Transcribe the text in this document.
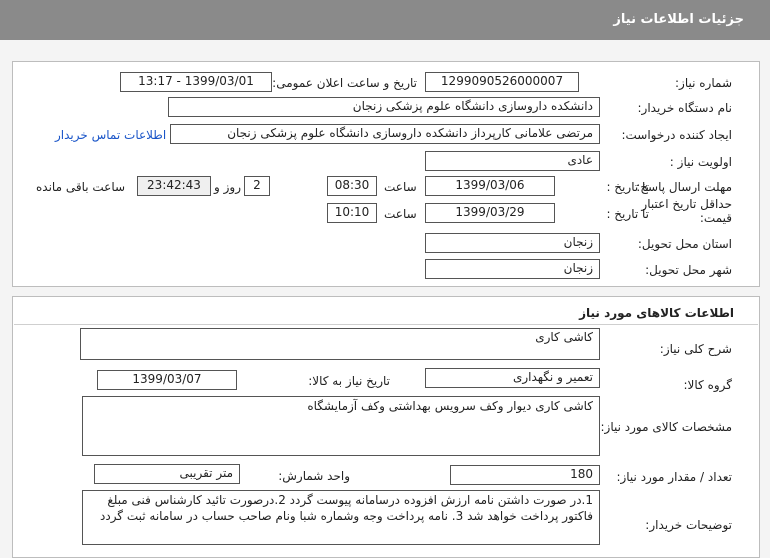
جزئیات اطلاعات نیاز
شماره نیاز:
1299090526000007
تاریخ و ساعت اعلان عمومی:
1399/03/01 - 13:17
نام دستگاه خریدار:
دانشکده داروسازی دانشگاه علوم پزشکی زنجان
ایجاد کننده درخواست:
مرتضی علامانی کارپرداز دانشکده داروسازی دانشگاه علوم پزشکی زنجان
اطلاعات تماس خریدار
اولویت نیاز :
عادی
مهلت ارسال پاسخ:
تا تاریخ :
1399/03/06
ساعت
08:30
2
روز و
23:42:43
ساعت باقی مانده
حداقل تاریخ اعتبار
قیمت:
تا تاریخ :
1399/03/29
ساعت
10:10
استان محل تحویل:
زنجان
شهر محل تحویل:
زنجان
اطلاعات کالاهای مورد نیاز
شرح کلی نیاز:
کاشی کاری
گروه کالا:
تعمیر و نگهداری
تاریخ نیاز به کالا:
1399/03/07
مشخصات کالای مورد نیاز:
کاشی کاری دیوار وکف سرویس بهداشتی وکف آزمایشگاه
تعداد / مقدار مورد نیاز:
180
واحد شمارش:
متر تقریبی
توضیحات خریدار:
1.در صورت داشتن نامه ارزش افزوده درسامانه پیوست گردد 2.درصورت تائید کارشناس فنی مبلغ فاکتور پرداخت خواهد شد 3. نامه پرداخت وجه وشماره شبا ونام صاحب حساب در سامانه ثبت گردد
